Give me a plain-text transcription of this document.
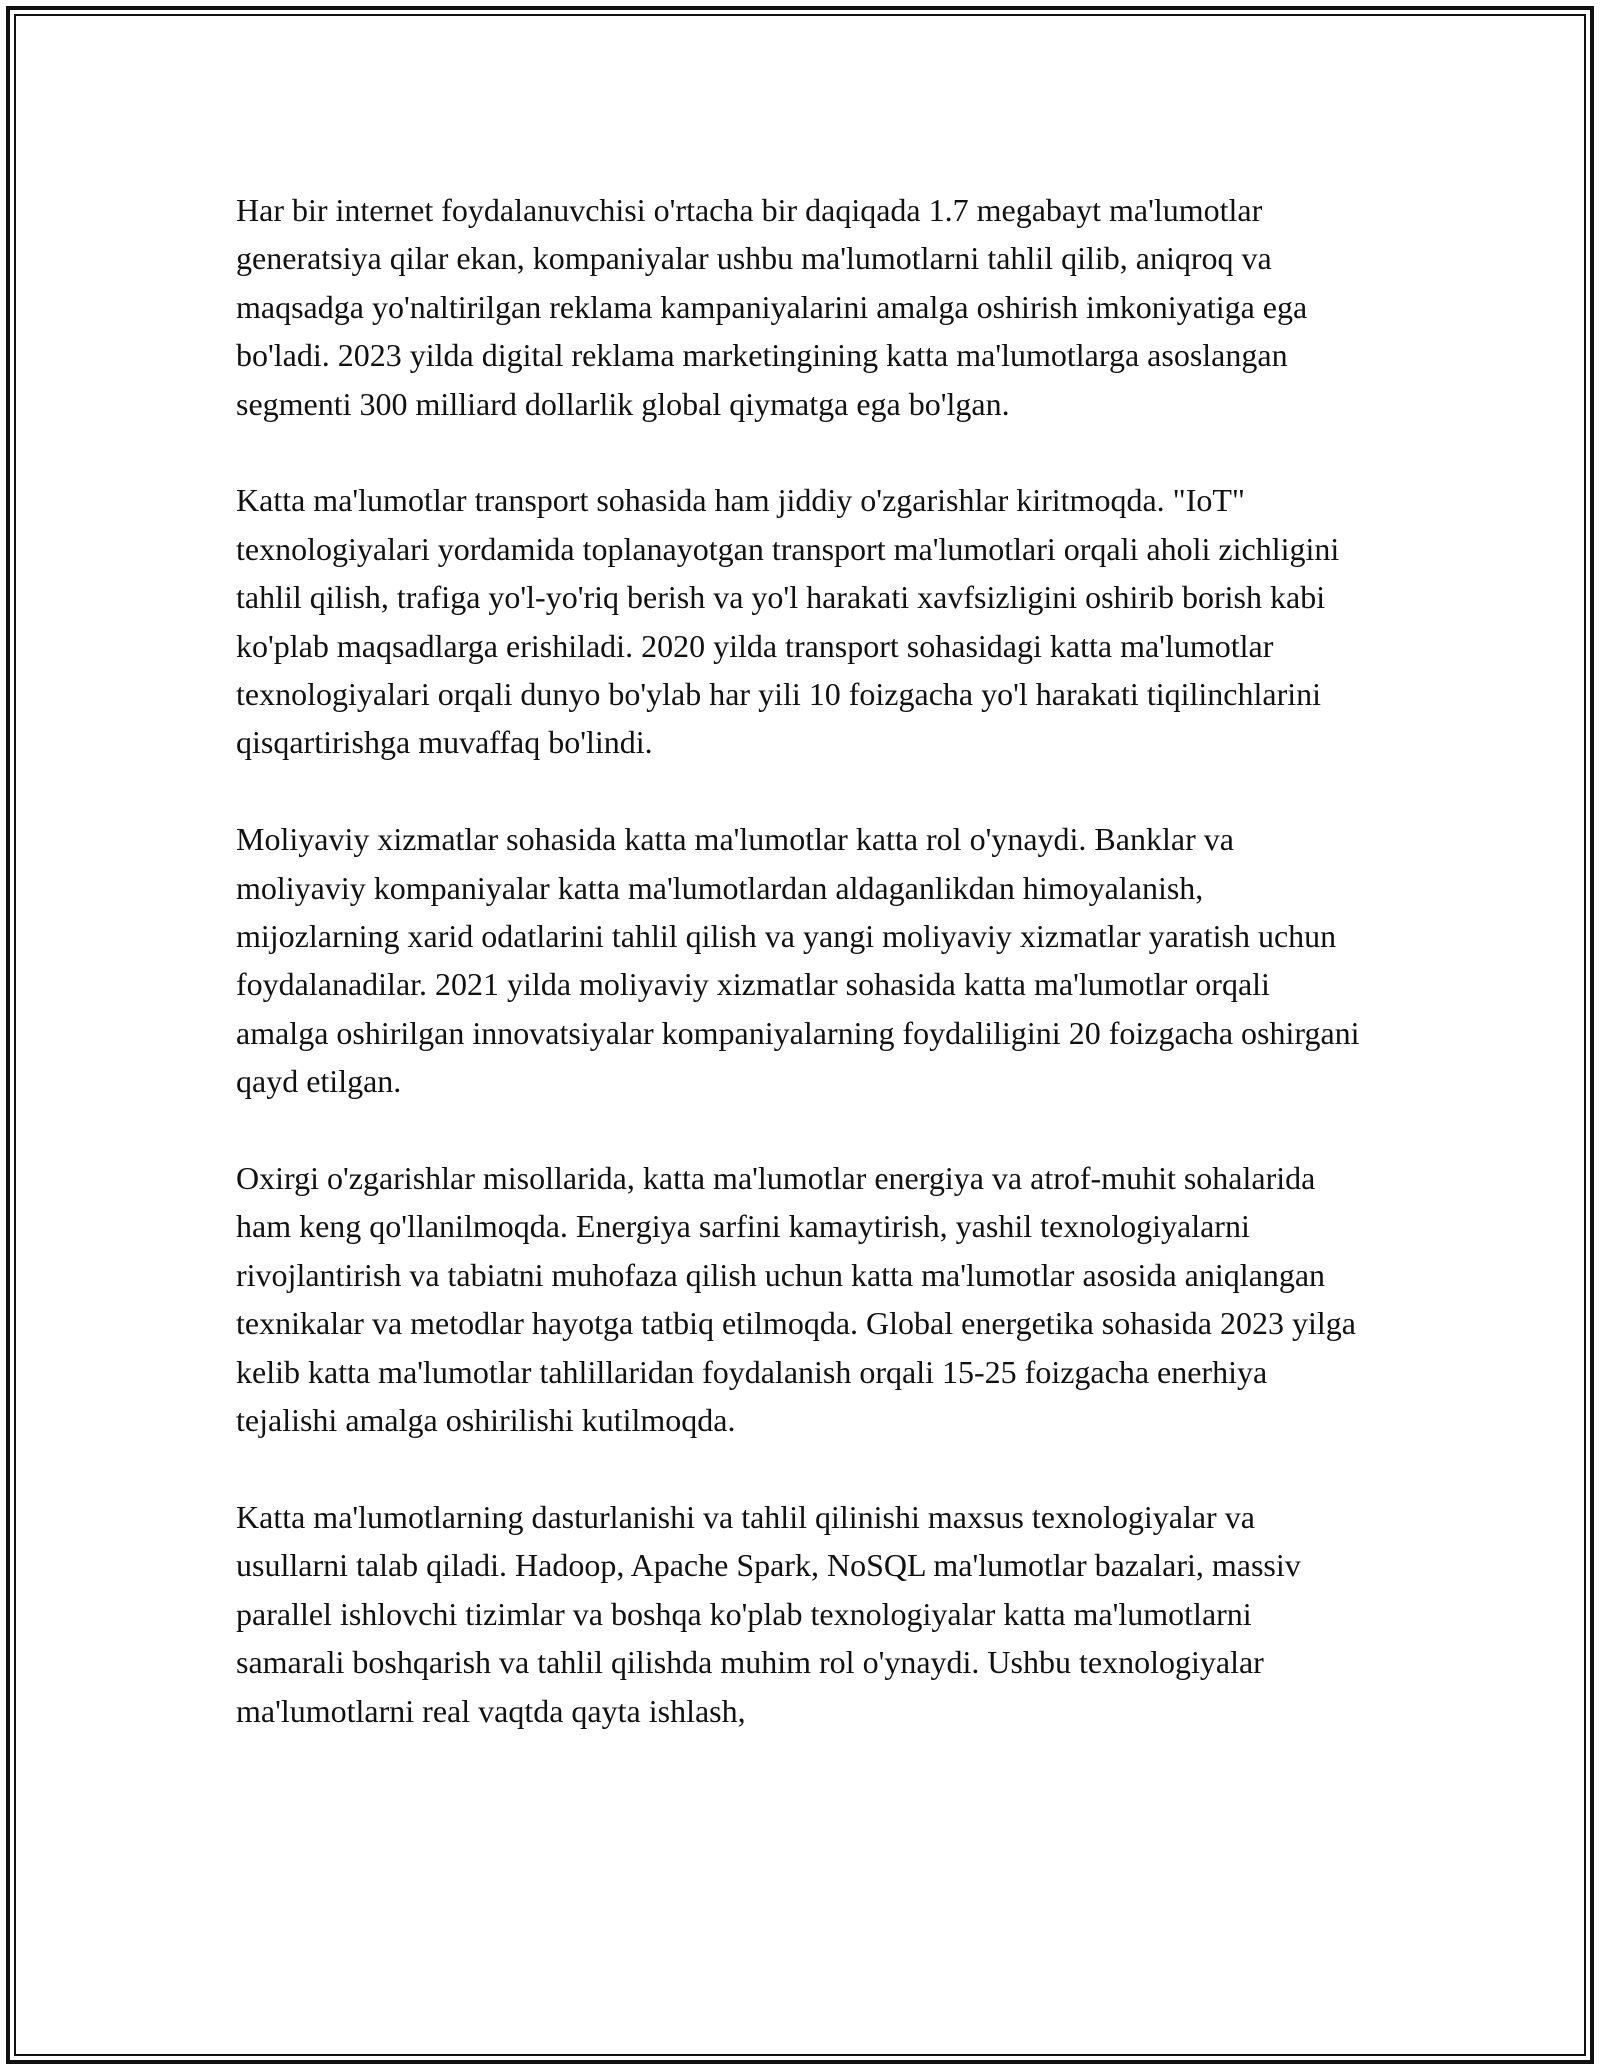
Har bir internet foydalanuvchisi o'rtacha bir daqiqada 1.7 megabayt ma'lumotlar generatsiya qilar ekan, kompaniyalar ushbu ma'lumotlarni tahlil qilib, aniqroq va maqsadga yo'naltirilgan reklama kampaniyalarini amalga oshirish imkoniyatiga ega bo'ladi. 2023 yilda digital reklama marketingining katta ma'lumotlarga asoslangan segmenti 300 milliard dollarlik global qiymatga ega bo'lgan.

Katta ma'lumotlar transport sohasida ham jiddiy o'zgarishlar kiritmoqda. "IoT" texnologiyalari yordamida toplanayotgan transport ma'lumotlari orqali aholi zichligini tahlil qilish, trafiga yo'l-yo'riq berish va yo'l harakati xavfsizligini oshirib borish kabi ko'plab maqsadlarga erishiladi. 2020 yilda transport sohasidagi katta ma'lumotlar texnologiyalari orqali dunyo bo'ylab har yili 10 foizgacha yo'l harakati tiqilinchlarini qisqartirishga muvaffaq bo'lindi.

Moliyaviy xizmatlar sohasida katta ma'lumotlar katta rol o'ynaydi. Banklar va moliyaviy kompaniyalar katta ma'lumotlardan aldaganlikdan himoyalanish, mijozlarning xarid odatlarini tahlil qilish va yangi moliyaviy xizmatlar yaratish uchun foydalanadilar. 2021 yilda moliyaviy xizmatlar sohasida katta ma'lumotlar orqali amalga oshirilgan innovatsiyalar kompaniyalarning foydaliligini 20 foizgacha oshirgani qayd etilgan.

Oxirgi o'zgarishlar misollarida, katta ma'lumotlar energiya va atrof-muhit sohalarida ham keng qo'llanilmoqda. Energiya sarfini kamaytirish, yashil texnologiyalarni rivojlantirish va tabiatni muhofaza qilish uchun katta ma'lumotlar asosida aniqlangan texnikalar va metodlar hayotga tatbiq etilmoqda. Global energetika sohasida 2023 yilga kelib katta ma'lumotlar tahlillaridan foydalanish orqali 15-25 foizgacha enerhiya tejalishi amalga oshirilishi kutilmoqda.

Katta ma'lumotlarning dasturlanishi va tahlil qilinishi maxsus texnologiyalar va usullarni talab qiladi. Hadoop, Apache Spark, NoSQL ma'lumotlar bazalari, massiv parallel ishlovchi tizimlar va boshqa ko'plab texnologiyalar katta ma'lumotlarni samarali boshqarish va tahlil qilishda muhim rol o'ynaydi. Ushbu texnologiyalar ma'lumotlarni real vaqtda qayta ishlash,
